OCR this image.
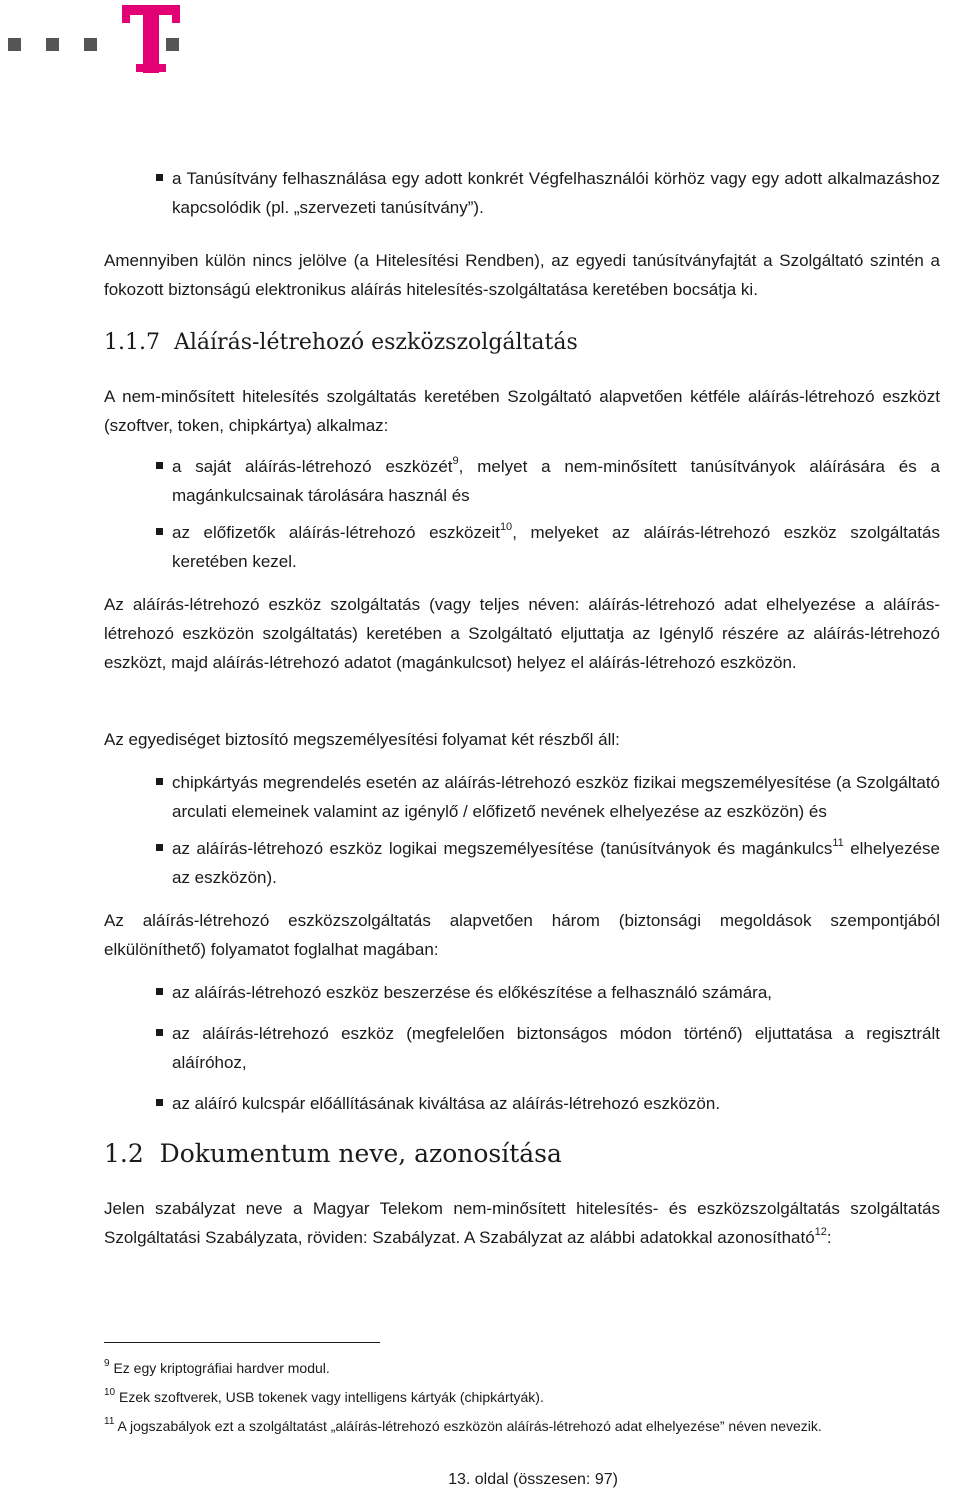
a Tanúsítvány felhasználása egy adott konkrét Végfelhasználói körhöz vagy egy adott alkalmazáshoz kapcsolódik (pl. „szervezeti tanúsítvány”).

Amennyiben külön nincs jelölve (a Hitelesítési Rendben), az egyedi tanúsítványfajtát a Szolgáltató szintén a fokozott biztonságú elektronikus aláírás hitelesítés-szolgáltatása keretében bocsátja ki.

1.1.7 Aláírás-létrehozó eszközszolgáltatás

A nem-minősített hitelesítés szolgáltatás keretében Szolgáltató alapvetően kétféle aláírás-létrehozó eszközt (szoftver, token, chipkártya) alkalmaz:

a saját aláírás-létrehozó eszközét$^9$, melyet a nem-minősített tanúsítványok aláírására és a magánkulcsainak tárolására használ és

az előfizetők aláírás-létrehozó eszközeit$^{10}$, melyeket az aláírás-létrehozó eszköz szolgáltatás keretében kezel.

Az aláírás-létrehozó eszköz szolgáltatás (vagy teljes néven: aláírás-létrehozó adat elhelyezése a aláírás-létrehozó eszközön szolgáltatás) keretében a Szolgáltató eljuttatja az Igénylő részére az aláírás-létrehozó eszközt, majd aláírás-létrehozó adatot (magánkulcsot) helyez el aláírás-létrehozó eszközön.

Az egyediséget biztosító megszemélyesítési folyamat két részből áll:

chipkártyás megrendelés esetén az aláírás-létrehozó eszköz fizikai megszemélyesítése (a Szolgáltató arculati elemeinek valamint az igénylő / előfizető nevének elhelyezése az eszközön) és

az aláírás-létrehozó eszköz logikai megszemélyesítése (tanúsítványok és magánkulcs$^{11}$ elhelyezése az eszközön).

Az aláírás-létrehozó eszközszolgáltatás alapvetően három (biztonsági megoldások szempontjából elkülöníthető) folyamatot foglalhat magában:

az aláírás-létrehozó eszköz beszerzése és előkészítése a felhasználó számára,

az aláírás-létrehozó eszköz (megfelelően biztonságos módon történő) eljuttatása a regisztrált aláíróhoz,

az aláíró kulcspár előállításának kiváltása az aláírás-létrehozó eszközön.

1.2 Dokumentum neve, azonosítása

Jelen szabályzat neve a Magyar Telekom nem-minősített hitelesítés- és eszközszolgáltatás szolgáltatás Szolgáltatási Szabályzata, röviden: Szabályzat. A Szabályzat az alábbi adatokkal azonosítható$^{12}$:

$^9$ Ez egy kriptográfiai hardver modul.
$^{10}$ Ezek szoftverek, USB tokenek vagy intelligens kártyák (chipkártyák).
$^{11}$ A jogszabályok ezt a szolgáltatást „aláírás-létrehozó eszközön aláírás-létrehozó adat elhelyezése” néven nevezik.
13. oldal (összesen: 97)
